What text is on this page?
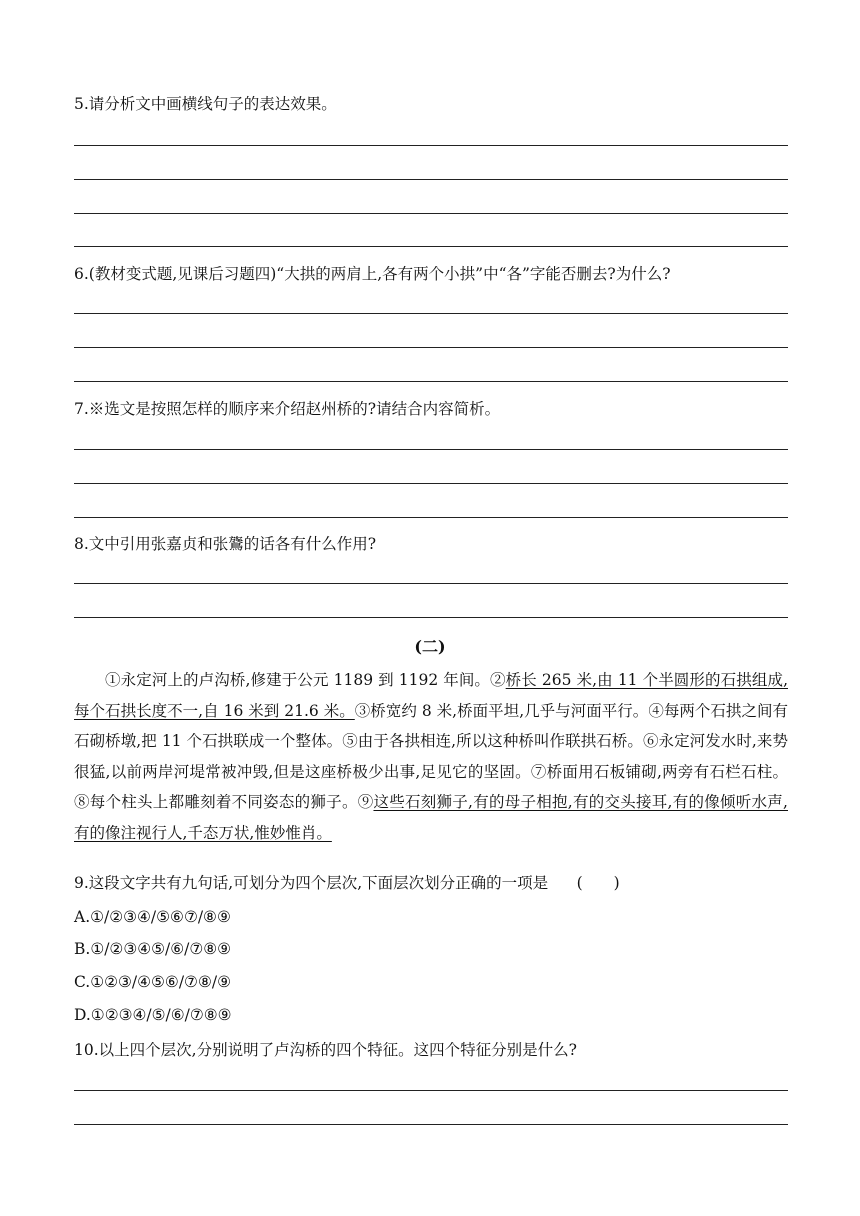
5.请分析文中画横线句子的表达效果。
6.(教材变式题,见课后习题四)“大拱的两肩上,各有两个小拱”中“各”字能否删去?为什么?
7.※选文是按照怎样的顺序来介绍赵州桥的?请结合内容简析。
8.文中引用张嘉贞和张鷟的话各有什么作用?
(二)
①永定河上的卢沟桥,修建于公元 1189 到 1192 年间。②桥长 265 米,由 11 个半圆形的石拱组成,每个石拱长度不一,自 16 米到 21.6 米。③桥宽约 8 米,桥面平坦,几乎与河面平行。④每两个石拱之间有石砌桥墩,把 11 个石拱联成一个整体。⑤由于各拱相连,所以这种桥叫作联拱石桥。⑥永定河发水时,来势很猛,以前两岸河堤常被冲毁,但是这座桥极少出事,足见它的坚固。⑦桥面用石板铺砌,两旁有石栏石柱。⑧每个柱头上都雕刻着不同姿态的狮子。⑨这些石刻狮子,有的母子相抱,有的交头接耳,有的像倾听水声,有的像注视行人,千态万状,惟妙惟肖。
9.这段文字共有九句话,可划分为四个层次,下面层次划分正确的一项是 (　　)
A.①/②③④/⑤⑥⑦/⑧⑨
B.①/②③④⑤/⑥/⑦⑧⑨
C.①②③/④⑤⑥/⑦⑧/⑨
D.①②③④/⑤/⑥/⑦⑧⑨
10.以上四个层次,分别说明了卢沟桥的四个特征。这四个特征分别是什么?
